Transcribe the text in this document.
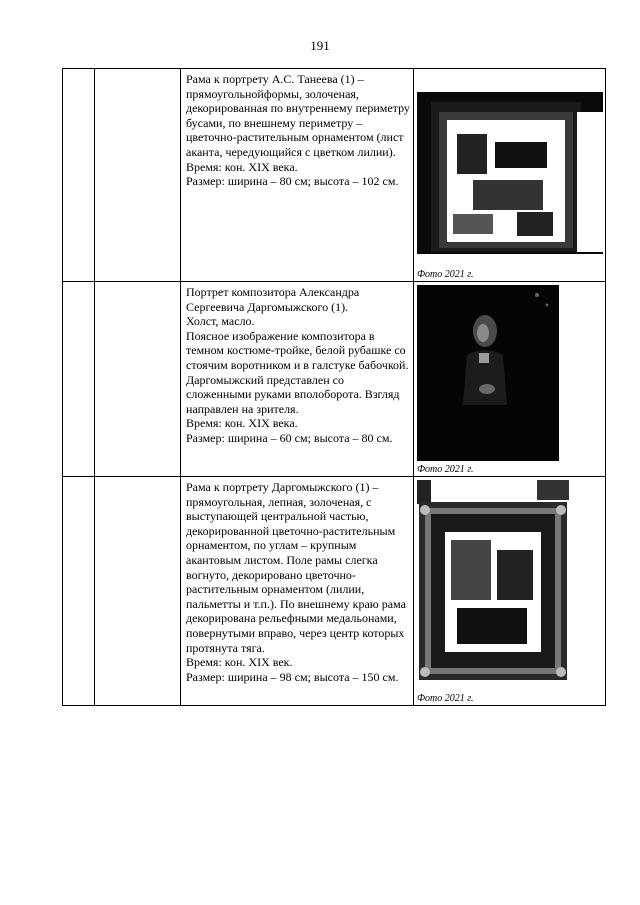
191

		Рама к портрету А.С. Танеева (1) – прямоугольнойформы, золоченая, декорированная по внутреннему периметру бусами, по внешнему периметру – цветочно-растительным орнаментом (лист аканта, чередующийся с цветком лилии).

Время: кон. XIX века.

Размер: ширина – 80 см; высота – 102 см.	Фото 2021 г.

		Портрет композитора Александра Сергеевича Даргомыжского (1).

Холст, масло.

Поясное изображение композитора в темном костюме-тройке, белой рубашке со стоячим воротником и в галстуке бабочкой. Даргомыжский представлен со сложенными руками вполоборота. Взгляд направлен на зрителя.

Время: кон. XIX века.

Размер: ширина – 60 см; высота – 80 см.	Фото 2021 г.

		Рама к портрету Даргомыжского (1) – прямоугольная, лепная, золоченая, с выступающей центральной частью, декорированной цветочно-растительным орнаментом, по углам – крупным акантовым листом. Поле рамы слегка вогнуто, декорировано цветочно-растительным орнаментом (лилии, пальметты и т.п.). По внешнему краю рама декорирована рельефными медальонами, повернутыми вправо, через центр которых протянута тяга.

Время: кон. XIX век.

Размер: ширина – 98 см; высота – 150 см.	Фото 2021 г.
